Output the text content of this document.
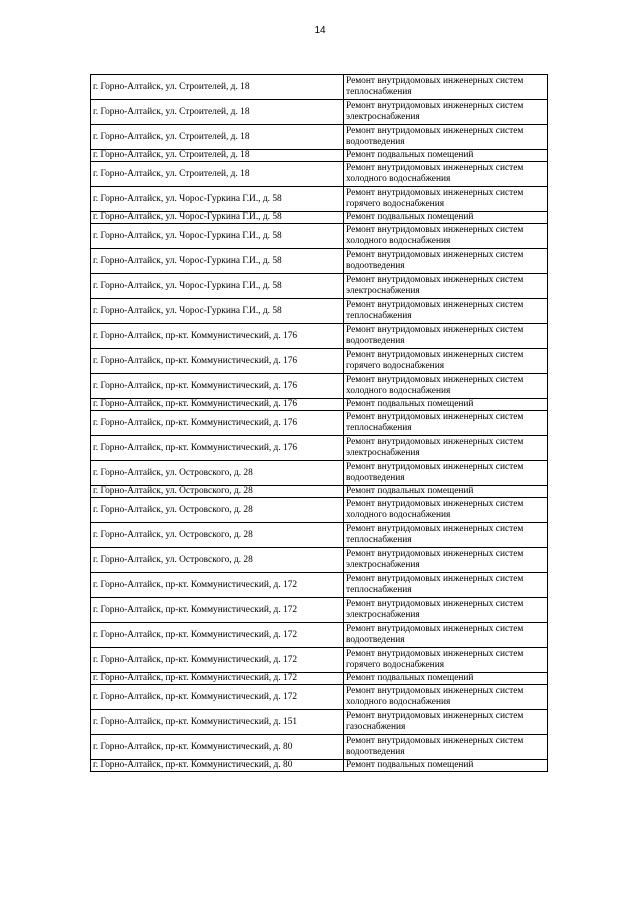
14
г. Горно-Алтайск, ул. Строителей, д. 18	Ремонт внутридомовых инженерных систем теплоснабжения
г. Горно-Алтайск, ул. Строителей, д. 18	Ремонт внутридомовых инженерных систем электроснабжения
г. Горно-Алтайск, ул. Строителей, д. 18	Ремонт внутридомовых инженерных систем водоотведения
г. Горно-Алтайск, ул. Строителей, д. 18	Ремонт подвальных помещений
г. Горно-Алтайск, ул. Строителей, д. 18	Ремонт внутридомовых инженерных систем холодного водоснабжения
г. Горно-Алтайск, ул. Чорос-Гуркина Г.И., д. 58	Ремонт внутридомовых инженерных систем горячего водоснабжения
г. Горно-Алтайск, ул. Чорос-Гуркина Г.И., д. 58	Ремонт подвальных помещений
г. Горно-Алтайск, ул. Чорос-Гуркина Г.И., д. 58	Ремонт внутридомовых инженерных систем холодного водоснабжения
г. Горно-Алтайск, ул. Чорос-Гуркина Г.И., д. 58	Ремонт внутридомовых инженерных систем водоотведения
г. Горно-Алтайск, ул. Чорос-Гуркина Г.И., д. 58	Ремонт внутридомовых инженерных систем электроснабжения
г. Горно-Алтайск, ул. Чорос-Гуркина Г.И., д. 58	Ремонт внутридомовых инженерных систем теплоснабжения
г. Горно-Алтайск, пр-кт. Коммунистический, д. 176	Ремонт внутридомовых инженерных систем водоотведения
г. Горно-Алтайск, пр-кт. Коммунистический, д. 176	Ремонт внутридомовых инженерных систем горячего водоснабжения
г. Горно-Алтайск, пр-кт. Коммунистический, д. 176	Ремонт внутридомовых инженерных систем холодного водоснабжения
г. Горно-Алтайск, пр-кт. Коммунистический, д. 176	Ремонт подвальных помещений
г. Горно-Алтайск, пр-кт. Коммунистический, д. 176	Ремонт внутридомовых инженерных систем теплоснабжения
г. Горно-Алтайск, пр-кт. Коммунистический, д. 176	Ремонт внутридомовых инженерных систем электроснабжения
г. Горно-Алтайск, ул. Островского, д. 28	Ремонт внутридомовых инженерных систем водоотведения
г. Горно-Алтайск, ул. Островского, д. 28	Ремонт подвальных помещений
г. Горно-Алтайск, ул. Островского, д. 28	Ремонт внутридомовых инженерных систем холодного водоснабжения
г. Горно-Алтайск, ул. Островского, д. 28	Ремонт внутридомовых инженерных систем теплоснабжения
г. Горно-Алтайск, ул. Островского, д. 28	Ремонт внутридомовых инженерных систем электроснабжения
г. Горно-Алтайск, пр-кт. Коммунистический, д. 172	Ремонт внутридомовых инженерных систем теплоснабжения
г. Горно-Алтайск, пр-кт. Коммунистический, д. 172	Ремонт внутридомовых инженерных систем электроснабжения
г. Горно-Алтайск, пр-кт. Коммунистический, д. 172	Ремонт внутридомовых инженерных систем водоотведения
г. Горно-Алтайск, пр-кт. Коммунистический, д. 172	Ремонт внутридомовых инженерных систем горячего водоснабжения
г. Горно-Алтайск, пр-кт. Коммунистический, д. 172	Ремонт подвальных помещений
г. Горно-Алтайск, пр-кт. Коммунистический, д. 172	Ремонт внутридомовых инженерных систем холодного водоснабжения
г. Горно-Алтайск, пр-кт. Коммунистический, д. 151	Ремонт внутридомовых инженерных систем газоснабжения
г. Горно-Алтайск, пр-кт. Коммунистический, д. 80	Ремонт внутридомовых инженерных систем водоотведения
г. Горно-Алтайск, пр-кт. Коммунистический, д. 80	Ремонт подвальных помещений
